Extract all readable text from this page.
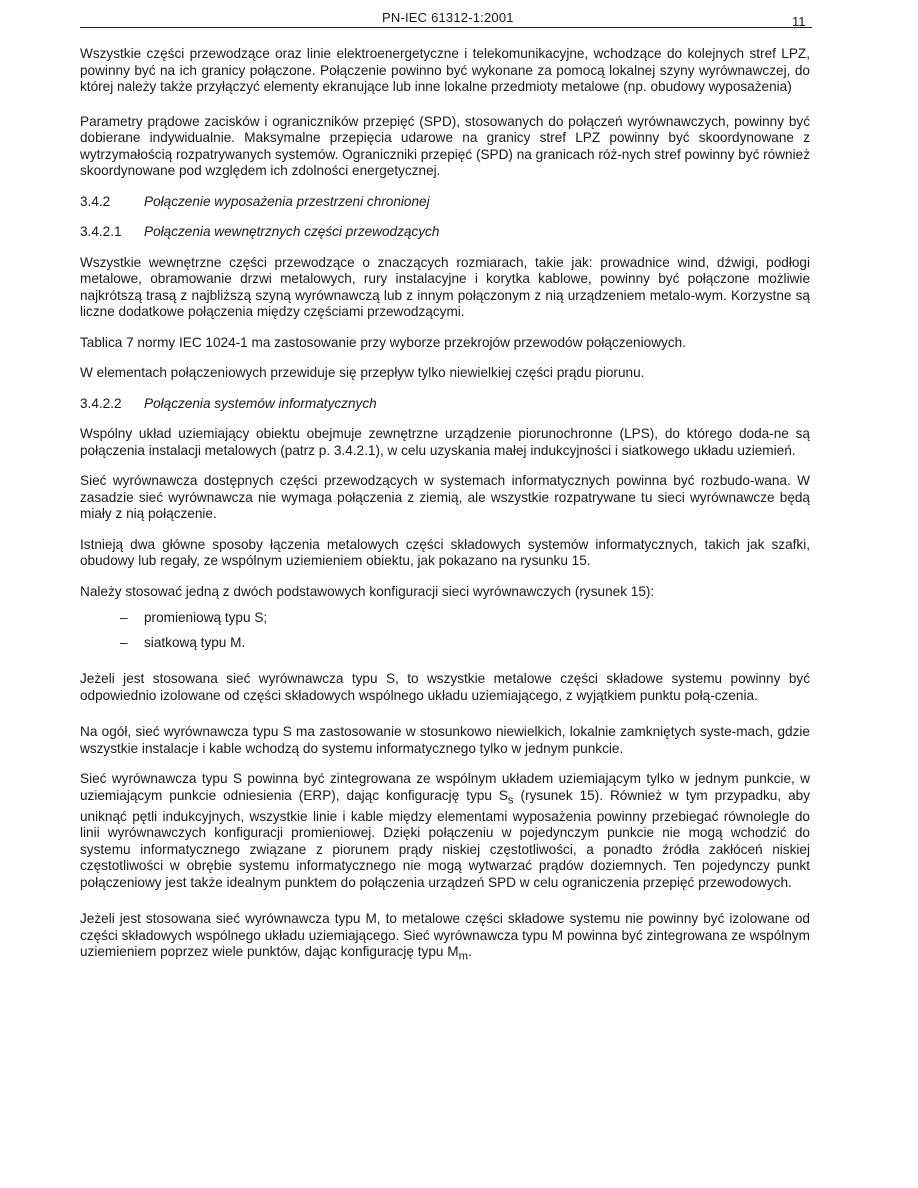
PN-IEC 61312-1:2001	11

Wszystkie części przewodzące oraz linie elektroenergetyczne i telekomunikacyjne, wchodzące do kolejnych stref LPZ, powinny być na ich granicy połączone. Połączenie powinno być wykonane za pomocą lokalnej szyny wyrównawczej, do której należy także przyłączyć elementy ekranujące lub inne lokalne przedmioty metalowe (np. obudowy wyposażenia)

Parametry prądowe zacisków i ograniczników przepięć (SPD), stosowanych do połączeń wyrównawczych, powinny być dobierane indywidualnie. Maksymalne przepięcia udarowe na granicy stref LPZ powinny być skoordynowane z wytrzymałością rozpatrywanych systemów. Ograniczniki przepięć (SPD) na granicach róż-nych stref powinny być również skoordynowane pod względem ich zdolności energetycznej.

3.4.2 Połączenie wyposażenia przestrzeni chronionej
3.4.2.1 Połączenia wewnętrznych części przewodzących

Wszystkie wewnętrzne części przewodzące o znaczących rozmiarach, takie jak: prowadnice wind, dźwigi, podłogi metalowe, obramowanie drzwi metalowych, rury instalacyjne i korytka kablowe, powinny być połączone możliwie najkrótszą trasą z najbliższą szyną wyrównawczą lub z innym połączonym z nią urządzeniem metalo-wym. Korzystne są liczne dodatkowe połączenia między częściami przewodzącymi.

Tablica 7 normy IEC 1024-1 ma zastosowanie przy wyborze przekrojów przewodów połączeniowych.

W elementach połączeniowych przewiduje się przepływ tylko niewielkiej części prądu piorunu.

3.4.2.2 Połączenia systemów informatycznych

Wspólny układ uziemiający obiektu obejmuje zewnętrzne urządzenie piorunochronne (LPS), do którego doda-ne są połączenia instalacji metalowych (patrz p. 3.4.2.1), w celu uzyskania małej indukcyjności i siatkowego układu uziemień.

Sieć wyrównawcza dostępnych części przewodzących w systemach informatycznych powinna być rozbudo-wana. W zasadzie sieć wyrównawcza nie wymaga połączenia z ziemią, ale wszystkie rozpatrywane tu sieci wyrównawcze będą miały z nią połączenie.

Istnieją dwa główne sposoby łączenia metalowych części składowych systemów informatycznych, takich jak szafki, obudowy lub regały, ze wspólnym uziemieniem obiektu, jak pokazano na rysunku 15.

Należy stosować jedną z dwóch podstawowych konfiguracji sieci wyrównawczych (rysunek 15):

– promieniową typu S;
– siatkową typu M.

Jeżeli jest stosowana sieć wyrównawcza typu S, to wszystkie metalowe części składowe systemu powinny być odpowiednio izolowane od części składowych wspólnego układu uziemiającego, z wyjątkiem punktu połą-czenia.

Na ogół, sieć wyrównawcza typu S ma zastosowanie w stosunkowo niewielkich, lokalnie zamkniętych syste-mach, gdzie wszystkie instalacje i kable wchodzą do systemu informatycznego tylko w jednym punkcie.

Sieć wyrównawcza typu S powinna być zintegrowana ze wspólnym układem uziemiającym tylko w jednym punkcie, w uziemiającym punkcie odniesienia (ERP), dając konfigurację typu $S_s$ (rysunek 15). Również w tym przypadku, aby uniknąć pętli indukcyjnych, wszystkie linie i kable między elementami wyposażenia powinny przebiegać równolegle do linii wyrównawczych konfiguracji promieniowej. Dzięki połączeniu w pojedynczym punkcie nie mogą wchodzić do systemu informatycznego związane z piorunem prądy niskiej częstotliwości, a ponadto źródła zakłóceń niskiej częstotliwości w obrębie systemu informatycznego nie mogą wytwarzać prądów doziemnych. Ten pojedynczy punkt połączeniowy jest także idealnym punktem do połączenia urządzeń SPD w celu ograniczenia przepięć przewodowych.

Jeżeli jest stosowana sieć wyrównawcza typu M, to metalowe części składowe systemu nie powinny być izolowane od części składowych wspólnego układu uziemiającego. Sieć wyrównawcza typu M powinna być zintegrowana ze wspólnym uziemieniem poprzez wiele punktów, dając konfigurację typu $M_m$.
